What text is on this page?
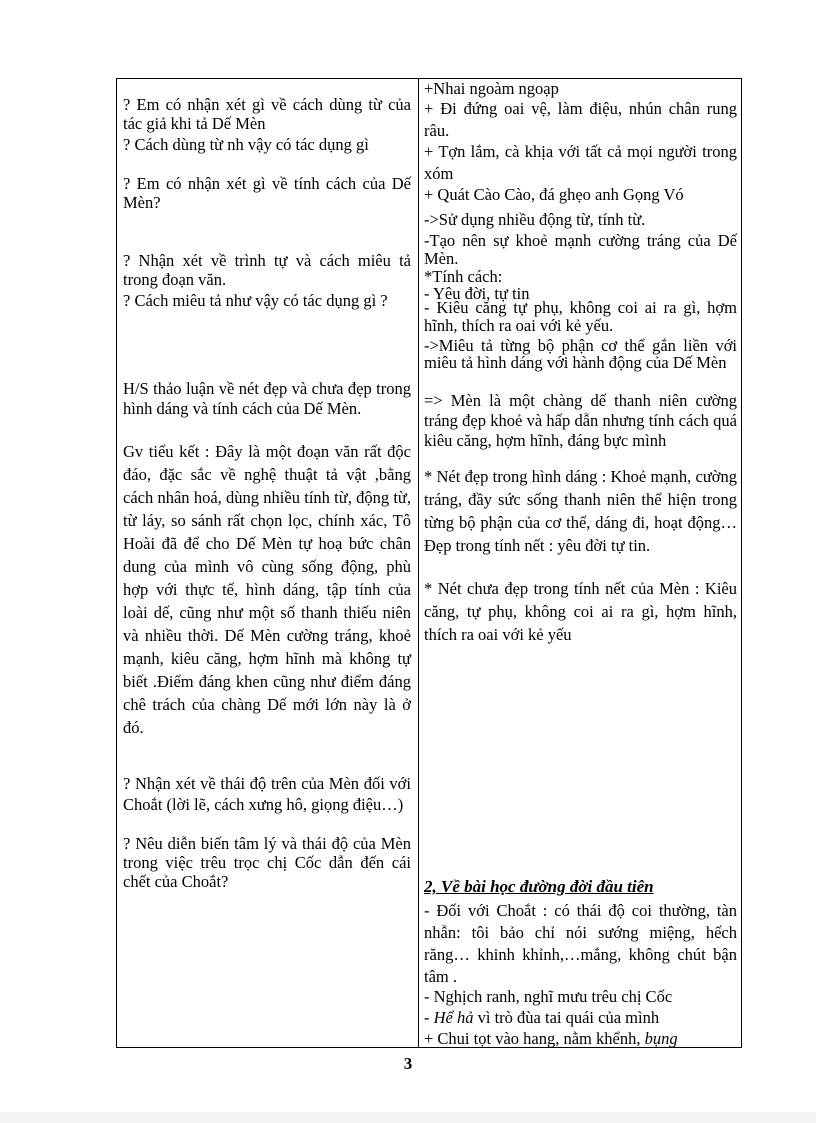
? Em có nhận xét gì về cách dùng từ của tác giả khi tả Dế Mèn

? Cách dùng từ nh vậy có tác dụng gì

? Em có nhận xét gì về tính cách của Dế Mèn?

? Nhận xét về trình tự và cách miêu tả trong đoạn văn.

? Cách miêu tả như vậy có tác dụng gì ?

H/S thảo luận về nét đẹp và chưa đẹp trong hình dáng và tính cách của Dế Mèn.

Gv tiểu kết : Đây là một đoạn văn rất độc đáo, đặc sắc về nghệ thuật tả vật ,bằng cách nhân hoá, dùng nhiều tính từ, động từ, từ láy, so sánh rất chọn lọc, chính xác, Tô Hoài đã để cho Dế Mèn tự hoạ bức chân dung của mình vô cùng sống động, phù hợp với thực tế, hình dáng, tập tính của loài dế, cũng như một số thanh thiếu niên và nhiều thời. Dế Mèn cường tráng, khoẻ mạnh, kiêu căng, hợm hĩnh mà không tự biết .Điểm đáng khen cũng như điểm đáng chê trách của chàng Dế mới lớn này là ở đó.

? Nhận xét về thái độ trên của Mèn đối với Choắt (lời lẽ, cách xưng hô, giọng điệu…)

? Nêu diễn biến tâm lý và thái độ của Mèn trong việc trêu trọc chị Cốc dẫn đến cái chết của Choắt?

+Nhai ngoàm ngoạp

+ Đi đứng oai vệ, làm điệu, nhún chân rung râu.

+ Tợn lắm, cà khịa với tất cả mọi người trong xóm

+ Quát Cào Cào, đá ghẹo anh Gọng Vó

->Sử dụng nhiều động từ, tính từ.

-Tạo nên sự khoẻ mạnh cường tráng của Dế Mèn.

*Tính cách:

- Yêu đời, tự tin

- Kiêu căng tự phụ, không coi ai ra gì, hợm hĩnh, thích ra oai với kẻ yếu.

->Miêu tả từng bộ phận cơ thể gắn liền với miêu tả hình dáng với hành động của Dế Mèn

=> Mèn là một chàng dế thanh niên cường tráng đẹp khoẻ và hấp dẫn nhưng tính cách quá kiêu căng, hợm hĩnh, đáng bực mình

* Nét đẹp trong hình dáng : Khoẻ mạnh, cường tráng, đầy sức sống thanh niên thể hiện trong từng bộ phận của cơ thể, dáng đi, hoạt động… Đẹp trong tính nết : yêu đời tự tin.

* Nét chưa đẹp trong tính nết của Mèn : Kiêu căng, tự phụ, không coi ai ra gì, hợm hĩnh, thích ra oai với kẻ yếu

2, Về bài học đường đời đầu tiên

- Đối với Choắt : có thái độ coi thường, tàn nhẫn: tôi bảo chỉ nói sướng miệng, hếch răng… khinh khỉnh,…mắng, không chút bận tâm .

- Nghịch ranh, nghĩ mưu trêu chị Cốc

- Hể hả vì trò đùa tai quái của mình

+ Chui tọt vào hang, nằm khểnh, bụng

3
